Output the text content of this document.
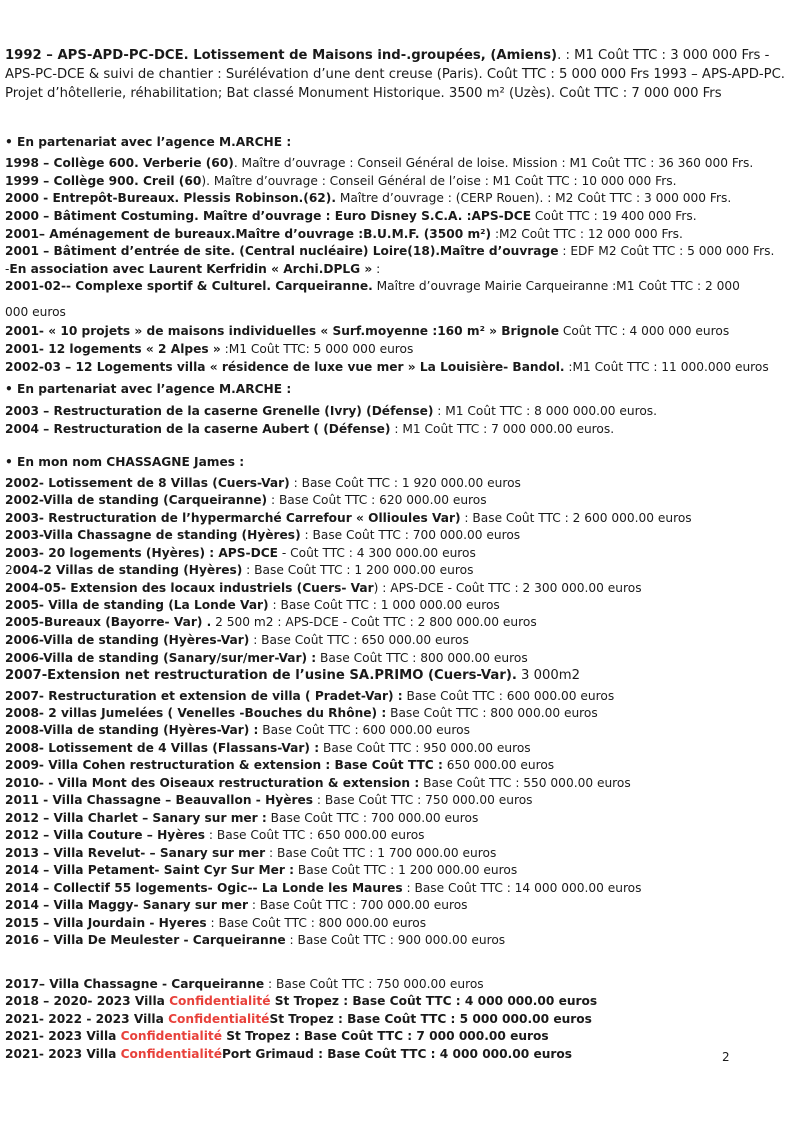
1992 – APS-APD-PC-DCE. Lotissement de Maisons ind-.groupées, (Amiens). : M1 Coût TTC : 3 000 000 Frs - APS-PC-DCE & suivi de chantier : Surélévation d’une dent creuse (Paris). Coût TTC : 5 000 000 Frs 1993 – APS-APD-PC. Projet d’hôtellerie, réhabilitation; Bat classé Monument Historique. 3500 m² (Uzès). Coût TTC : 7 000 000 Frs
• En partenariat avec l’agence M.ARCHE :
1998 – Collège 600. Verberie (60). Maître d’ouvrage : Conseil Général de loise. Mission : M1 Coût TTC : 36 360 000 Frs.
1999 – Collège 900. Creil (60). Maître d’ouvrage : Conseil Général de l’oise : M1 Coût TTC : 10 000 000 Frs.
2000 - Entrepôt-Bureaux. Plessis Robinson.(62). Maître d’ouvrage : (CERP Rouen). : M2 Coût TTC : 3 000 000 Frs.
2000 – Bâtiment Costuming. Maître d’ouvrage : Euro Disney S.C.A. :APS-DCE Coût TTC : 19 400 000 Frs.
2001– Aménagement de bureaux.Maître d’ouvrage :B.U.M.F. (3500 m²) :M2 Coût TTC : 12 000 000 Frs.
2001 – Bâtiment d’entrée de site. (Central nucléaire) Loire(18).Maître d’ouvrage : EDF M2 Coût TTC : 5 000 000 Frs.
-En association avec Laurent Kerfridin « Archi.DPLG » :
2001-02-- Complexe sportif & Culturel. Carqueiranne. Maître d’ouvrage Mairie Carqueiranne :M1 Coût TTC : 2 000
000 euros
2001- « 10 projets » de maisons individuelles « Surf.moyenne :160 m² » Brignole Coût TTC : 4 000 000 euros
2001- 12 logements « 2 Alpes » :M1 Coût TTC: 5 000 000 euros
2002-03 – 12 Logements villa « résidence de luxe vue mer » La Louisière- Bandol. :M1 Coût TTC : 11 000.000 euros
• En partenariat avec l’agence M.ARCHE :
2003 – Restructuration de la caserne Grenelle (Ivry) (Défense) : M1 Coût TTC : 8 000 000.00 euros.
2004 – Restructuration de la caserne Aubert ( (Défense) : M1 Coût TTC : 7 000 000.00 euros.
• En mon nom CHASSAGNE James :
2002- Lotissement de 8 Villas (Cuers-Var) : Base Coût TTC : 1 920 000.00 euros
2002-Villa de standing (Carqueiranne) : Base Coût TTC : 620 000.00 euros
2003- Restructuration de l’hypermarché Carrefour « Ollioules Var) : Base Coût TTC : 2 600 000.00 euros
2003-Villa Chassagne de standing (Hyères) : Base Coût TTC : 700 000.00 euros
2003- 20 logements (Hyères) : APS-DCE - Coût TTC : 4 300 000.00 euros
2004-2 Villas de standing (Hyères) : Base Coût TTC : 1 200 000.00 euros
2004-05- Extension des locaux industriels (Cuers- Var) : APS-DCE - Coût TTC : 2 300 000.00 euros
2005- Villa de standing (La Londe Var) : Base Coût TTC : 1 000 000.00 euros
2005-Bureaux (Bayorre- Var) . 2 500 m2 : APS-DCE - Coût TTC : 2 800 000.00 euros
2006-Villa de standing (Hyères-Var) : Base Coût TTC : 650 000.00 euros
2006-Villa de standing (Sanary/sur/mer-Var) : Base Coût TTC : 800 000.00 euros
2007-Extension net restructuration de l’usine SA.PRIMO (Cuers-Var). 3 000m2
2007- Restructuration et extension de villa ( Pradet-Var) : Base Coût TTC : 600 000.00 euros
2008- 2 villas Jumelées ( Venelles -Bouches du Rhône) : Base Coût TTC : 800 000.00 euros
2008-Villa de standing (Hyères-Var) : Base Coût TTC : 600 000.00 euros
2008- Lotissement de 4 Villas (Flassans-Var) : Base Coût TTC : 950 000.00 euros
2009- Villa Cohen restructuration & extension : Base Coût TTC : 650 000.00 euros
2010- - Villa Mont des Oiseaux restructuration & extension : Base Coût TTC : 550 000.00 euros
2011 - Villa Chassagne – Beauvallon - Hyères : Base Coût TTC : 750 000.00 euros
2012 – Villa Charlet – Sanary sur mer : Base Coût TTC : 700 000.00 euros
2012 – Villa Couture – Hyères : Base Coût TTC : 650 000.00 euros
2013 – Villa Revelut- – Sanary sur mer : Base Coût TTC : 1 700 000.00 euros
2014 – Villa Petament- Saint Cyr Sur Mer : Base Coût TTC : 1 200 000.00 euros
2014 – Collectif 55 logements- Ogic-- La Londe les Maures : Base Coût TTC : 14 000 000.00 euros
2014 – Villa Maggy- Sanary sur mer : Base Coût TTC : 700 000.00 euros
2015 – Villa Jourdain - Hyeres : Base Coût TTC : 800 000.00 euros
2016 – Villa De Meulester - Carqueiranne : Base Coût TTC : 900 000.00 euros
2017– Villa Chassagne - Carqueiranne : Base Coût TTC : 750 000.00 euros
2018 – 2020- 2023 Villa Confidentialité St Tropez : Base Coût TTC : 4 000 000.00 euros
2021- 2022 - 2023 Villa ConfidentialitéSt Tropez : Base Coût TTC : 5 000 000.00 euros
2021- 2023 Villa Confidentialité St Tropez : Base Coût TTC : 7 000 000.00 euros
2021- 2023 Villa ConfidentialitéPort Grimaud : Base Coût TTC : 4 000 000.00 euros	2
